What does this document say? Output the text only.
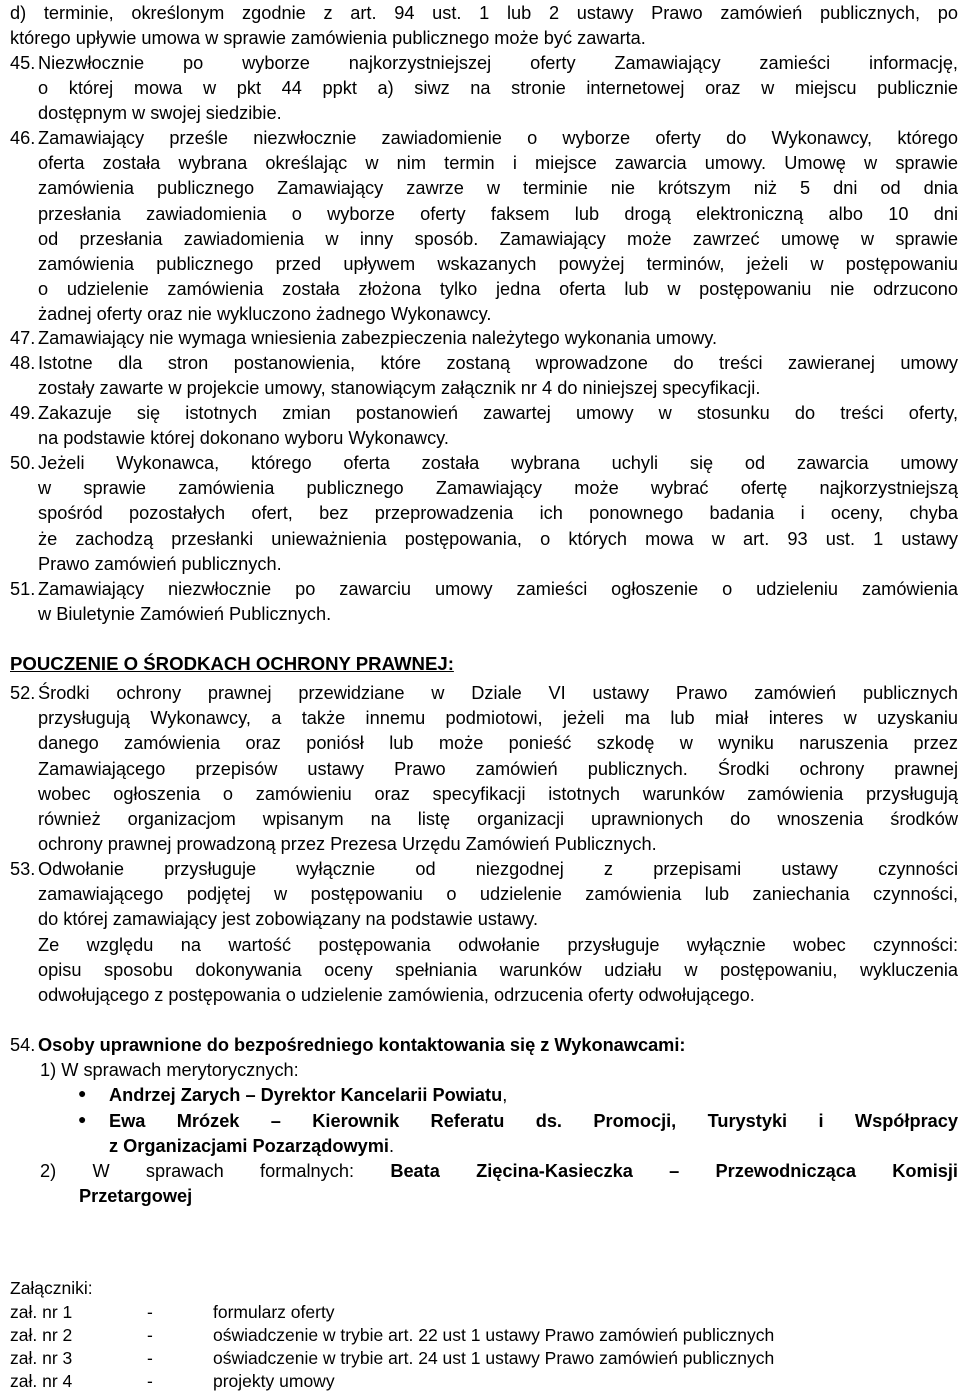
d) terminie, określonym zgodnie z art. 94 ust. 1 lub 2 ustawy Prawo zamówień publicznych, po
którego upływie umowa w sprawie zamówienia publicznego może być zawarta.
45. Niezwłocznie po wyborze najkorzystniejszej oferty Zamawiający zamieści informację,
o której mowa w pkt 44 ppkt a) siwz na stronie internetowej oraz w miejscu publicznie
dostępnym w swojej siedzibie.
46. Zamawiający prześle niezwłocznie zawiadomienie o wyborze oferty do Wykonawcy, którego
oferta została wybrana określając w nim termin i miejsce zawarcia umowy. Umowę w sprawie
zamówienia publicznego Zamawiający zawrze w terminie nie krótszym niż 5 dni od dnia
przesłania zawiadomienia o wyborze oferty faksem lub drogą elektroniczną albo 10 dni
od przesłania zawiadomienia w inny sposób. Zamawiający może zawrzeć umowę w sprawie
zamówienia publicznego przed upływem wskazanych powyżej terminów, jeżeli w postępowaniu
o udzielenie zamówienia została złożona tylko jedna oferta lub w postępowaniu nie odrzucono
żadnej oferty oraz nie wykluczono żadnego Wykonawcy.
47. Zamawiający nie wymaga wniesienia zabezpieczenia należytego wykonania umowy.
48. Istotne dla stron postanowienia, które zostaną wprowadzone do treści zawieranej umowy
zostały zawarte w projekcie umowy, stanowiącym załącznik nr 4 do niniejszej specyfikacji.
49. Zakazuje się istotnych zmian postanowień zawartej umowy w stosunku do treści oferty,
na podstawie której dokonano wyboru Wykonawcy.
50. Jeżeli Wykonawca, którego oferta została wybrana uchyli się od zawarcia umowy
w sprawie zamówienia publicznego Zamawiający może wybrać ofertę najkorzystniejszą
spośród pozostałych ofert, bez przeprowadzenia ich ponownego badania i oceny, chyba
że zachodzą przesłanki unieważnienia postępowania, o których mowa w art. 93 ust. 1 ustawy
Prawo zamówień publicznych.
51. Zamawiający niezwłocznie po zawarciu umowy zamieści ogłoszenie o udzieleniu zamówienia
w Biuletynie Zamówień Publicznych.
POUCZENIE O ŚRODKACH OCHRONY PRAWNEJ:
52. Środki ochrony prawnej przewidziane w Dziale VI ustawy Prawo zamówień publicznych
przysługują Wykonawcy, a także innemu podmiotowi, jeżeli ma lub miał interes w uzyskaniu
danego zamówienia oraz poniósł lub może ponieść szkodę w wyniku naruszenia przez
Zamawiającego przepisów ustawy Prawo zamówień publicznych. Środki ochrony prawnej
wobec ogłoszenia o zamówieniu oraz specyfikacji istotnych warunków zamówienia przysługują
również organizacjom wpisanym na listę organizacji uprawnionych do wnoszenia środków
ochrony prawnej prowadzoną przez Prezesa Urzędu Zamówień Publicznych.
53. Odwołanie przysługuje wyłącznie od niezgodnej z przepisami ustawy czynności
zamawiającego podjętej w postępowaniu o udzielenie zamówienia lub zaniechania czynności,
do której zamawiający jest zobowiązany na podstawie ustawy.
Ze względu na wartość postępowania odwołanie przysługuje wyłącznie wobec czynności:
opisu sposobu dokonywania oceny spełniania warunków udziału w postępowaniu, wykluczenia
odwołującego z postępowania o udzielenie zamówienia, odrzucenia oferty odwołującego.
54. Osoby uprawnione do bezpośredniego kontaktowania się z Wykonawcami:
1) W sprawach merytorycznych:
● Andrzej Zarych – Dyrektor Kancelarii Powiatu,
● Ewa Mrózek – Kierownik Referatu ds. Promocji, Turystyki i Współpracy
z Organizacjami Pozarządowymi.
2) W sprawach formalnych: Beata Zięcina-Kasieczka – Przewodnicząca Komisji
Przetargowej
Załączniki:
zał. nr 1	-	formularz oferty
zał. nr 2	-	oświadczenie w trybie art. 22 ust 1 ustawy Prawo zamówień publicznych
zał. nr 3	-	oświadczenie w trybie art. 24 ust 1 ustawy Prawo zamówień publicznych
zał. nr 4	-	projekty umowy
